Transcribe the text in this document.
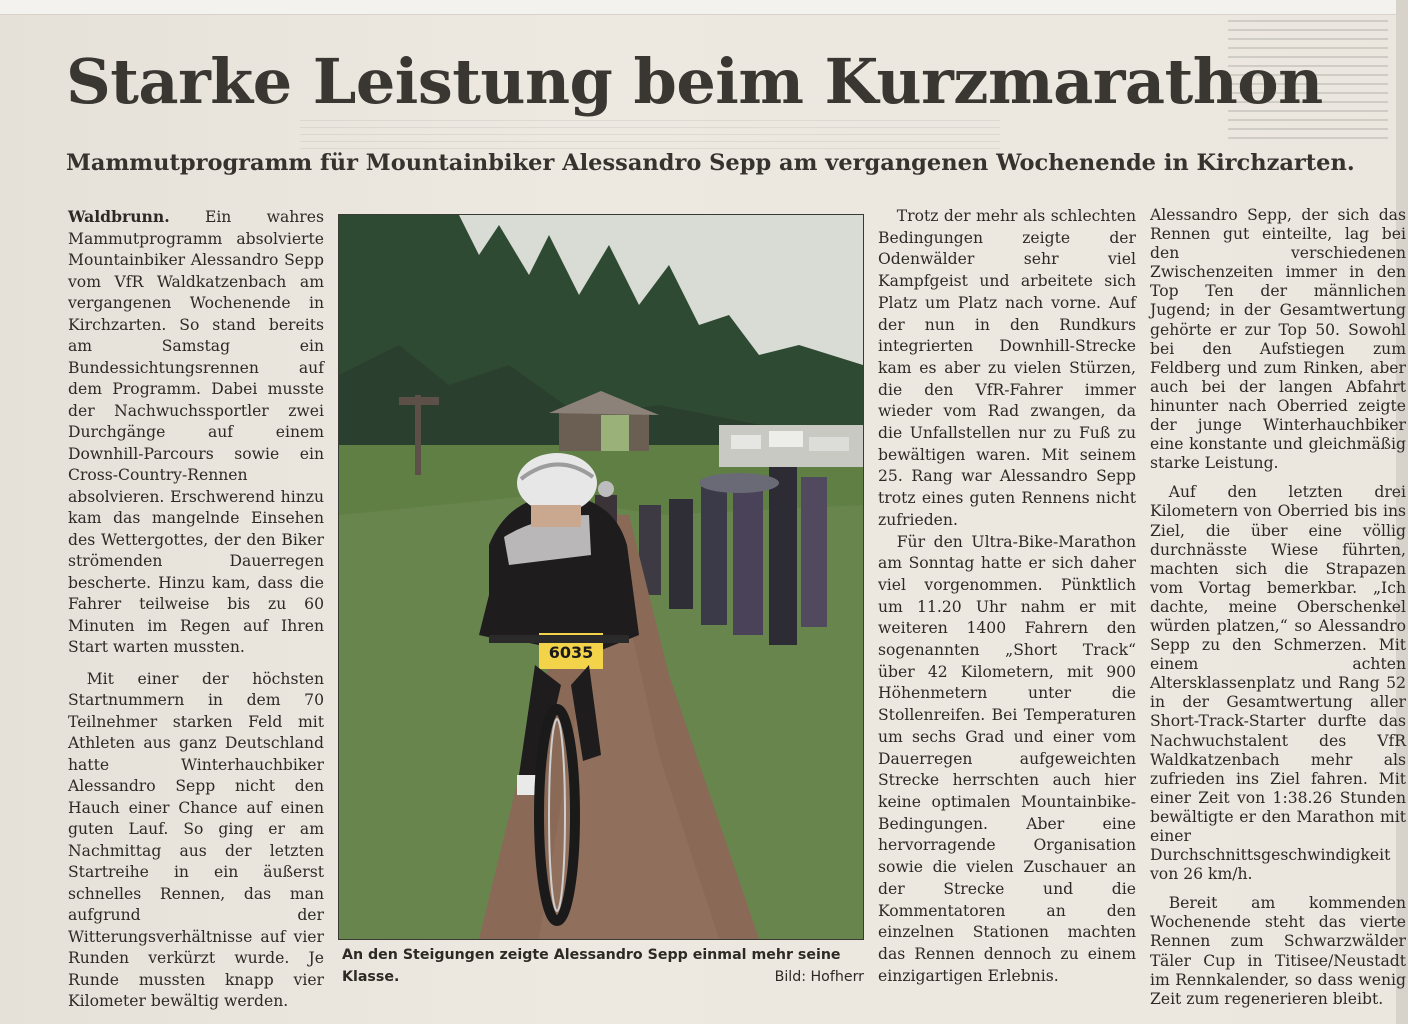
Starke Leistung beim Kurzmarathon
Mammutprogramm für Mountainbiker Alessandro Sepp am vergangenen Wochenende in Kirchzarten.

Waldbrunn. Ein wahres Mammutprogramm absolvierte Mountainbiker Alessandro Sepp vom VfR Waldkatzenbach am vergangenen Wochenende in Kirchzarten. So stand bereits am Samstag ein Bundessichtungsrennen auf dem Programm. Dabei musste der Nachwuchssportler zwei Durchgänge auf einem Downhill-Parcours sowie ein Cross-Country-Rennen absolvieren. Erschwerend hinzu kam das mangelnde Einsehen des Wettergottes, der den Biker strömenden Dauerregen bescherte. Hinzu kam, dass die Fahrer teilweise bis zu 60 Minuten im Regen auf Ihren Start warten mussten.

Mit einer der höchsten Startnummern in dem 70 Teilnehmer starken Feld mit Athleten aus ganz Deutschland hatte Winterhauchbiker Alessandro Sepp nicht den Hauch einer Chance auf einen guten Lauf. So ging er am Nachmittag aus der letzten Startreihe in ein äußerst schnelles Rennen, das man aufgrund der Witterungsverhältnisse auf vier Runden verkürzt wurde. Je Runde mussten knapp vier Kilometer bewältig werden.

6035
An den Steigungen zeigte Alessandro Sepp einmal mehr seine Klasse.	Bild: Hofherr

Trotz der mehr als schlechten Bedingungen zeigte der Odenwälder sehr viel Kampfgeist und arbeitete sich Platz um Platz nach vorne. Auf der nun in den Rundkurs integrierten Downhill-Strecke kam es aber zu vielen Stürzen, die den VfR-Fahrer immer wieder vom Rad zwangen, da die Unfallstellen nur zu Fuß zu bewältigen waren. Mit seinem 25. Rang war Alessandro Sepp trotz eines guten Rennens nicht zufrieden.

Für den Ultra-Bike-Marathon am Sonntag hatte er sich daher viel vorgenommen. Pünktlich um 11.20 Uhr nahm er mit weiteren 1400 Fahrern den sogenannten „Short Track“ über 42 Kilometern, mit 900 Höhenmetern unter die Stollenreifen. Bei Temperaturen um sechs Grad und einer vom Dauerregen aufgeweichten Strecke herrschten auch hier keine optimalen Mountainbike-Bedingungen. Aber eine hervorragende Organisation sowie die vielen Zuschauer an der Strecke und die Kommentatoren an den einzelnen Stationen machten das Rennen dennoch zu einem einzigartigen Erlebnis.

Alessandro Sepp, der sich das Rennen gut einteilte, lag bei den verschiedenen Zwischenzeiten immer in den Top Ten der männlichen Jugend; in der Gesamtwertung gehörte er zur Top 50. Sowohl bei den Aufstiegen zum Feldberg und zum Rinken, aber auch bei der langen Abfahrt hinunter nach Oberried zeigte der junge Winterhauchbiker eine konstante und gleichmäßig starke Leistung.

Auf den letzten drei Kilometern von Oberried bis ins Ziel, die über eine völlig durchnässte Wiese führten, machten sich die Strapazen vom Vortag bemerkbar. „Ich dachte, meine Oberschenkel würden platzen,“ so Alessandro Sepp zu den Schmerzen. Mit einem achten Altersklassenplatz und Rang 52 in der Gesamtwertung aller Short-Track-Starter durfte das Nachwuchstalent des VfR Waldkatzenbach mehr als zufrieden ins Ziel fahren. Mit einer Zeit von 1:38.26 Stunden bewältigte er den Marathon mit einer Durchschnittsgeschwindigkeit von 26 km/h.

Bereit am kommenden Wochenende steht das vierte Rennen zum Schwarzwälder Täler Cup in Titisee/Neustadt im Rennkalender, so dass wenig Zeit zum regenerieren bleibt.
